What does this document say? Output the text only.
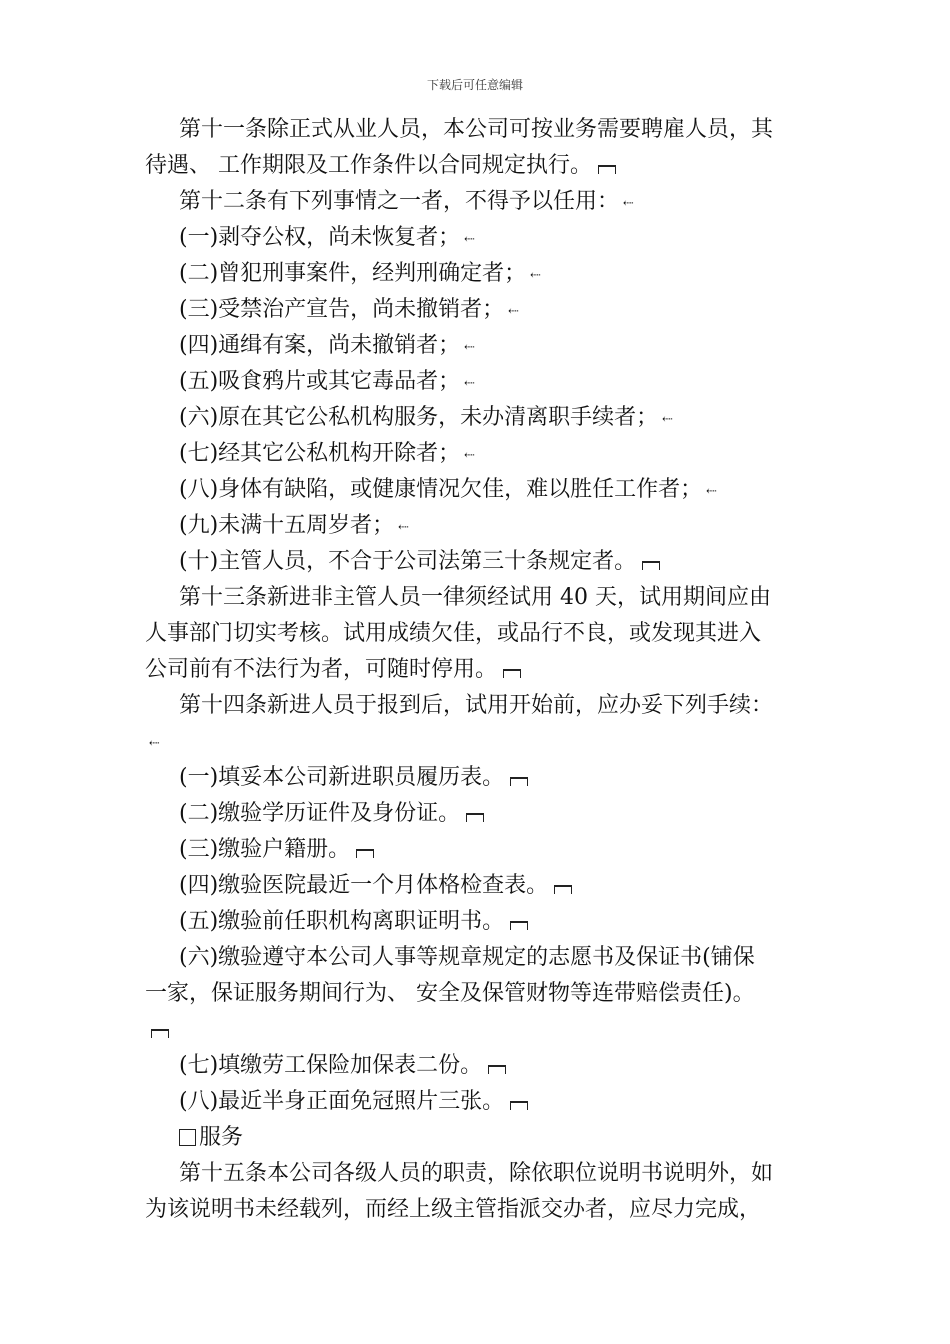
下载后可任意编辑
第十一条除正式从业人员，本公司可按业务需要聘雇人员，其
待遇、 工作期限及工作条件以合同规定执行。
第十二条有下列事情之一者，不得予以任用： ⇠
(一)剥夺公权，尚未恢复者； ⇠
(二)曾犯刑事案件，经判刑确定者； ⇠
(三)受禁治产宣告，尚未撤销者； ⇠
(四)通缉有案，尚未撤销者； ⇠
(五)吸食鸦片或其它毒品者； ⇠
(六)原在其它公私机构服务，未办清离职手续者； ⇠
(七)经其它公私机构开除者； ⇠
(八)身体有缺陷，或健康情况欠佳，难以胜任工作者； ⇠
(九)未满十五周岁者； ⇠
(十)主管人员，不合于公司法第三十条规定者。
第十三条新进非主管人员一律须经试用 40 天，试用期间应由
人事部门切实考核。试用成绩欠佳，或品行不良，或发现其进入
公司前有不法行为者，可随时停用。
第十四条新进人员于报到后，试用开始前，应办妥下列手续：
⇠
(一)填妥本公司新进职员履历表。
(二)缴验学历证件及身份证。
(三)缴验户籍册。
(四)缴验医院最近一个月体格检查表。
(五)缴验前任职机构离职证明书。
(六)缴验遵守本公司人事等规章规定的志愿书及保证书(铺保
一家，保证服务期间行为、 安全及保管财物等连带赔偿责任)。
(七)填缴劳工保险加保表二份。
(八)最近半身正面免冠照片三张。
服务
第十五条本公司各级人员的职责，除依职位说明书说明外，如
为该说明书未经载列，而经上级主管指派交办者，应尽力完成，
